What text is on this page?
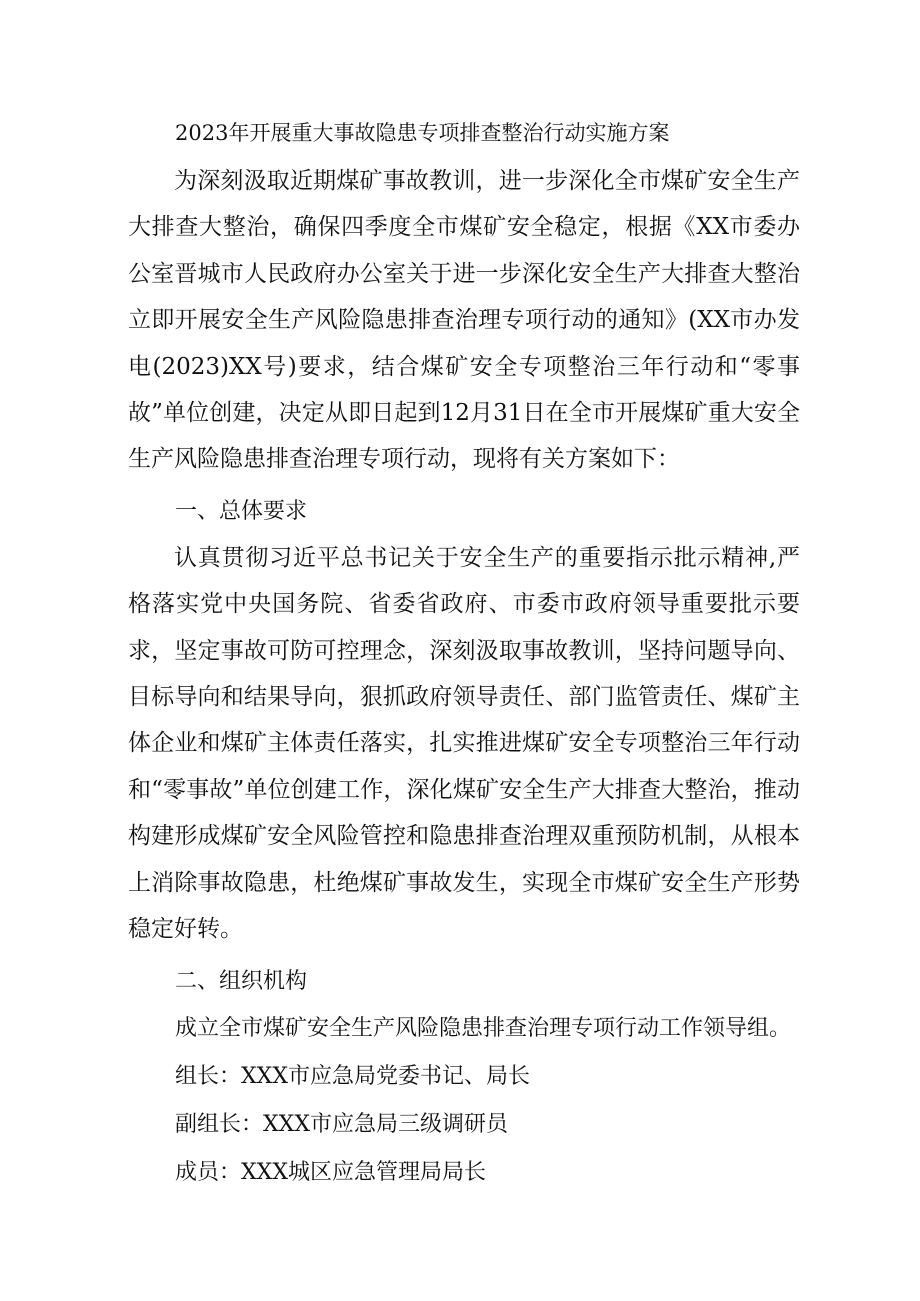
2023年开展重大事故隐患专项排查整治行动实施方案

为深刻汲取近期煤矿事故教训，进一步深化全市煤矿安全生产大排查大整治，确保四季度全市煤矿安全稳定，根据《XX市委办公室晋城市人民政府办公室关于进一步深化安全生产大排查大整治立即开展安全生产风险隐患排查治理专项行动的通知》(XX市办发电(2023)XX号)要求，结合煤矿安全专项整治三年行动和“零事故”单位创建，决定从即日起到12月31日在全市开展煤矿重大安全生产风险隐患排查治理专项行动，现将有关方案如下：

一、总体要求

认真贯彻习近平总书记关于安全生产的重要指示批示精神,严格落实党中央国务院、省委省政府、市委市政府领导重要批示要求，坚定事故可防可控理念，深刻汲取事故教训，坚持问题导向、目标导向和结果导向，狠抓政府领导责任、部门监管责任、煤矿主体企业和煤矿主体责任落实，扎实推进煤矿安全专项整治三年行动和“零事故”单位创建工作，深化煤矿安全生产大排查大整治，推动构建形成煤矿安全风险管控和隐患排查治理双重预防机制，从根本上消除事故隐患，杜绝煤矿事故发生，实现全市煤矿安全生产形势稳定好转。

二、组织机构

成立全市煤矿安全生产风险隐患排查治理专项行动工作领导组。

组长：XXX市应急局党委书记、局长

副组长：XXX市应急局三级调研员

成员：XXX城区应急管理局局长
